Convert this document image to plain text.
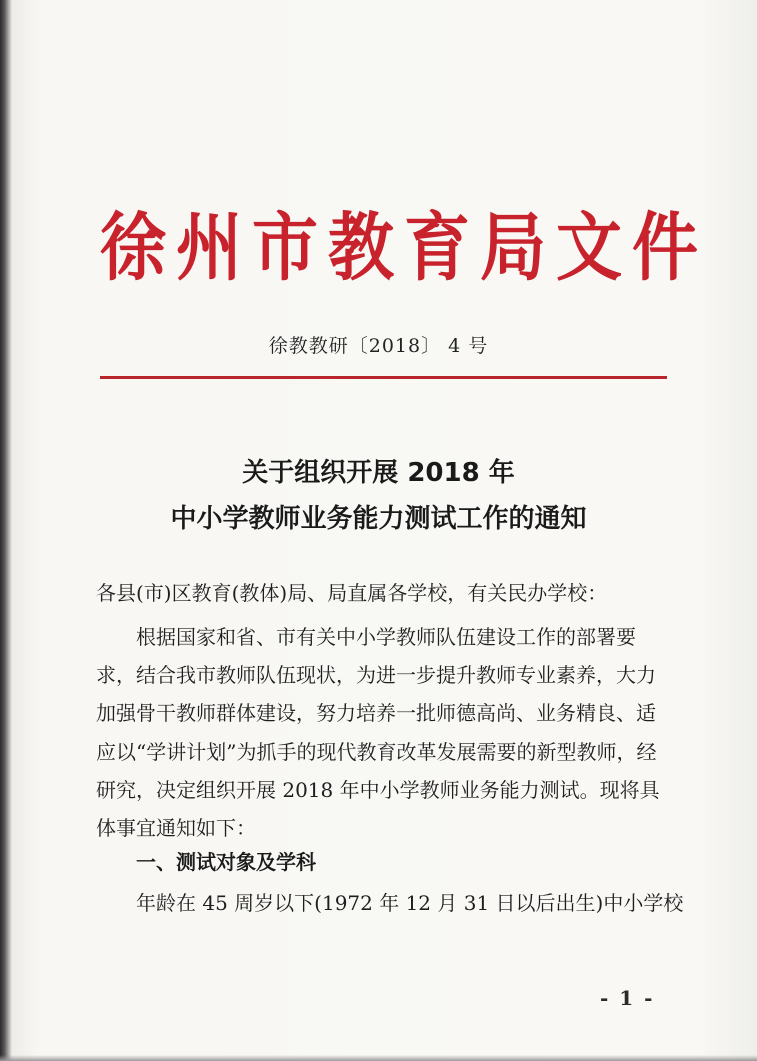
徐州市教育局文件
徐教教研〔2018〕 4 号
关于组织开展 2018 年
中小学教师业务能力测试工作的通知
各县(市)区教育(教体)局、局直属各学校，有关民办学校：
根据国家和省、市有关中小学教师队伍建设工作的部署要
求，结合我市教师队伍现状，为进一步提升教师专业素养，大力
加强骨干教师群体建设，努力培养一批师德高尚、业务精良、适
应以“学讲计划”为抓手的现代教育改革发展需要的新型教师，经
研究，决定组织开展 2018 年中小学教师业务能力测试。现将具
体事宜通知如下：
一、测试对象及学科
年龄在 45 周岁以下(1972 年 12 月 31 日以后出生)中小学校
- 1 -
